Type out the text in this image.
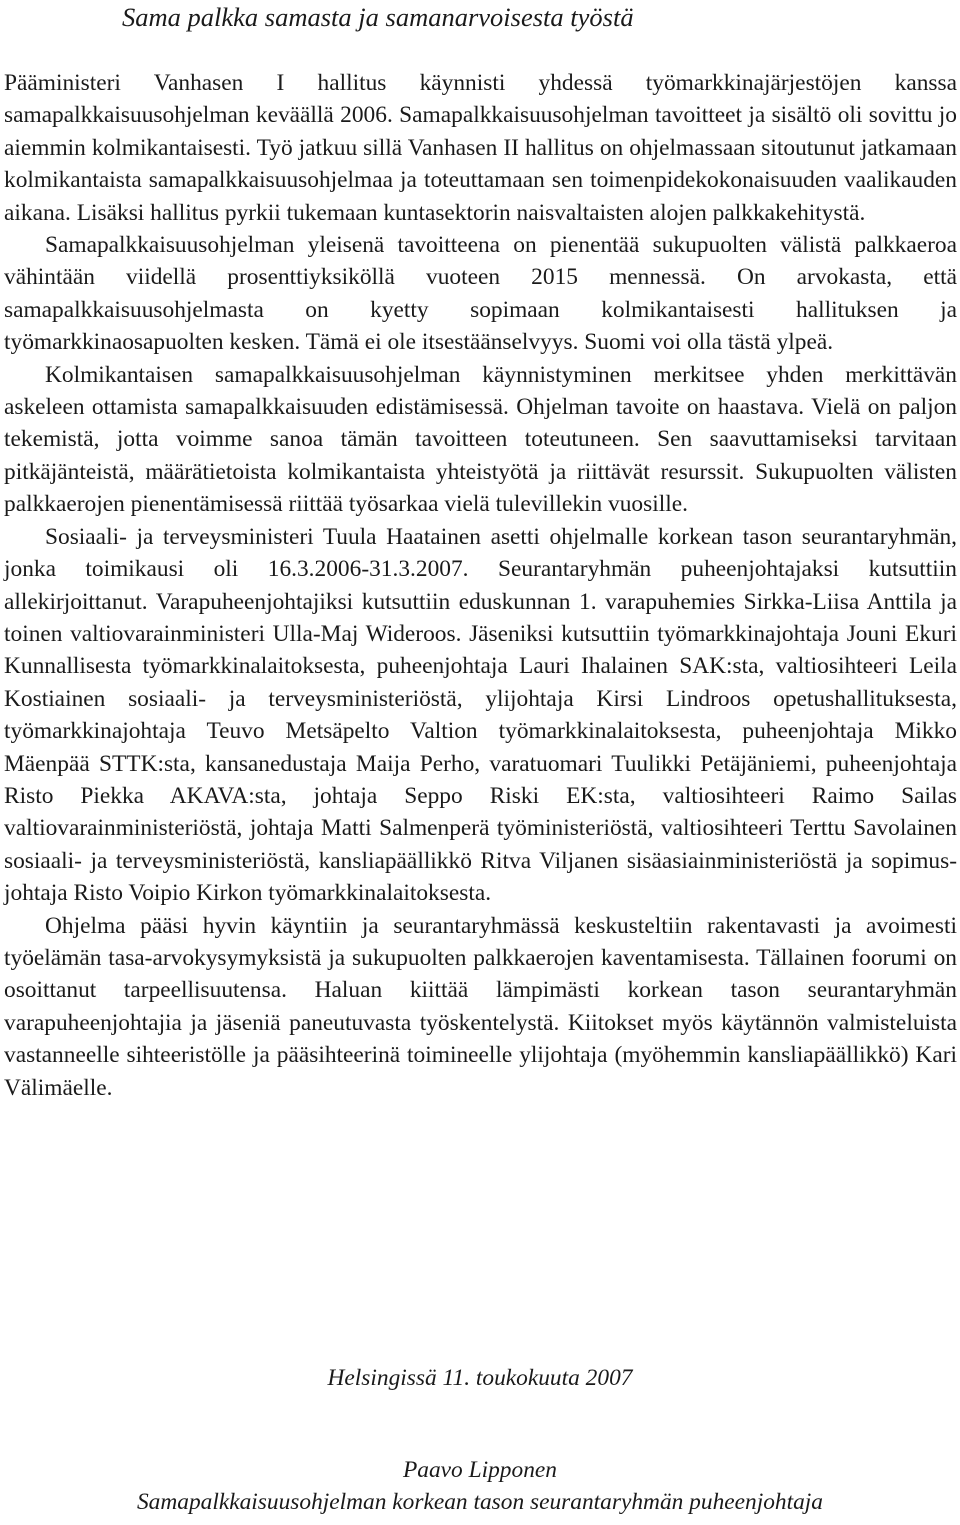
Sama palkka samasta ja samanarvoisesta työstä

Pääministeri Vanhasen I hallitus käynnisti yhdessä työmarkkinajärjestöjen kanssa samapalkkaisuusohjelman keväällä 2006. Samapalkkaisuusohjelman tavoitteet ja sisältö oli sovittu jo aiemmin kolmikantaisesti. Työ jatkuu sillä Vanhasen II hallitus on ohjelmassaan sitoutunut jatkamaan kolmikantaista samapalkkaisuusohjelmaa ja toteuttamaan sen toimenpidekokonaisuuden vaalikauden aikana. Lisäksi hallitus pyrkii tukemaan kuntasektorin naisvaltaisten alojen palkkakehitystä.

Samapalkkaisuusohjelman yleisenä tavoitteena on pienentää sukupuolten välistä palkkaeroa vähintään viidellä prosenttiyksiköllä vuoteen 2015 mennessä. On arvokasta, että samapalkkaisuusohjelmasta on kyetty sopimaan kolmikantaisesti hallituksen ja työmarkkinaosapuolten kesken. Tämä ei ole itsestäänselvyys. Suomi voi olla tästä ylpeä.

Kolmikantaisen samapalkkaisuusohjelman käynnistyminen merkitsee yhden merkittävän askeleen ottamista samapalkkaisuuden edistämisessä. Ohjelman tavoite on haastava. Vielä on paljon tekemistä, jotta voimme sanoa tämän tavoitteen toteutuneen. Sen saavuttamiseksi tarvitaan pitkäjänteistä, määrätietoista kolmikantaista yhteistyötä ja riittävät resurssit. Sukupuolten välisten palkkaerojen pienentämisessä riittää työsarkaa vielä tulevillekin vuosille.

Sosiaali- ja terveysministeri Tuula Haatainen asetti ohjelmalle korkean tason seurantaryhmän, jonka toimikausi oli 16.3.2006-31.3.2007. Seurantaryhmän puheenjohtajaksi kutsuttiin allekirjoittanut. Varapuheenjohtajiksi kutsuttiin eduskunnan 1. varapuhemies Sirkka-Liisa Anttila ja toinen valtiovarainministeri Ulla-Maj Wideroos. Jäseniksi kutsuttiin työmarkkinajohtaja Jouni Ekuri Kunnallisesta työmarkkinalaitoksesta, puheenjohtaja Lauri Ihalainen SAK:sta, valtiosihteeri Leila Kostiainen sosiaali- ja terveysministeriöstä, ylijohtaja Kirsi Lindroos opetushallituksesta, työmarkkinajohtaja Teuvo Metsäpelto Valtion työmarkkinalaitoksesta, puheenjohtaja Mikko Mäenpää STTK:sta, kansanedustaja Maija Perho, varatuomari Tuulikki Petäjäniemi, puheenjohtaja Risto Piekka AKAVA:sta, johtaja Seppo Riski EK:sta, valtiosihteeri Raimo Sailas valtiovarainministeriöstä, johtaja Matti Salmenperä työministeriöstä, valtiosihteeri Terttu Savolainen sosiaali- ja terveysministeriöstä, kansliapäällikkö Ritva Viljanen sisäasiainministeriöstä ja sopimusjohtaja Risto Voipio Kirkon työmarkkinalaitoksesta.

Ohjelma pääsi hyvin käyntiin ja seurantaryhmässä keskusteltiin rakentavasti ja avoimesti työelämän tasa-arvokysymyksistä ja sukupuolten palkkaerojen kaventamisesta. Tällainen foorumi on osoittanut tarpeellisuutensa. Haluan kiittää lämpimästi korkean tason seurantaryhmän varapuheenjohtajia ja jäseniä paneutuvasta työskentelystä. Kiitokset myös käytännön valmisteluista vastanneelle sihteeristölle ja pääsihteerinä toimineelle ylijohtaja (myöhemmin kansliapäällikkö) Kari Välimäelle.

Helsingissä 11. toukokuuta 2007
Paavo Lipponen
Samapalkkaisuusohjelman korkean tason seurantaryhmän puheenjohtaja
